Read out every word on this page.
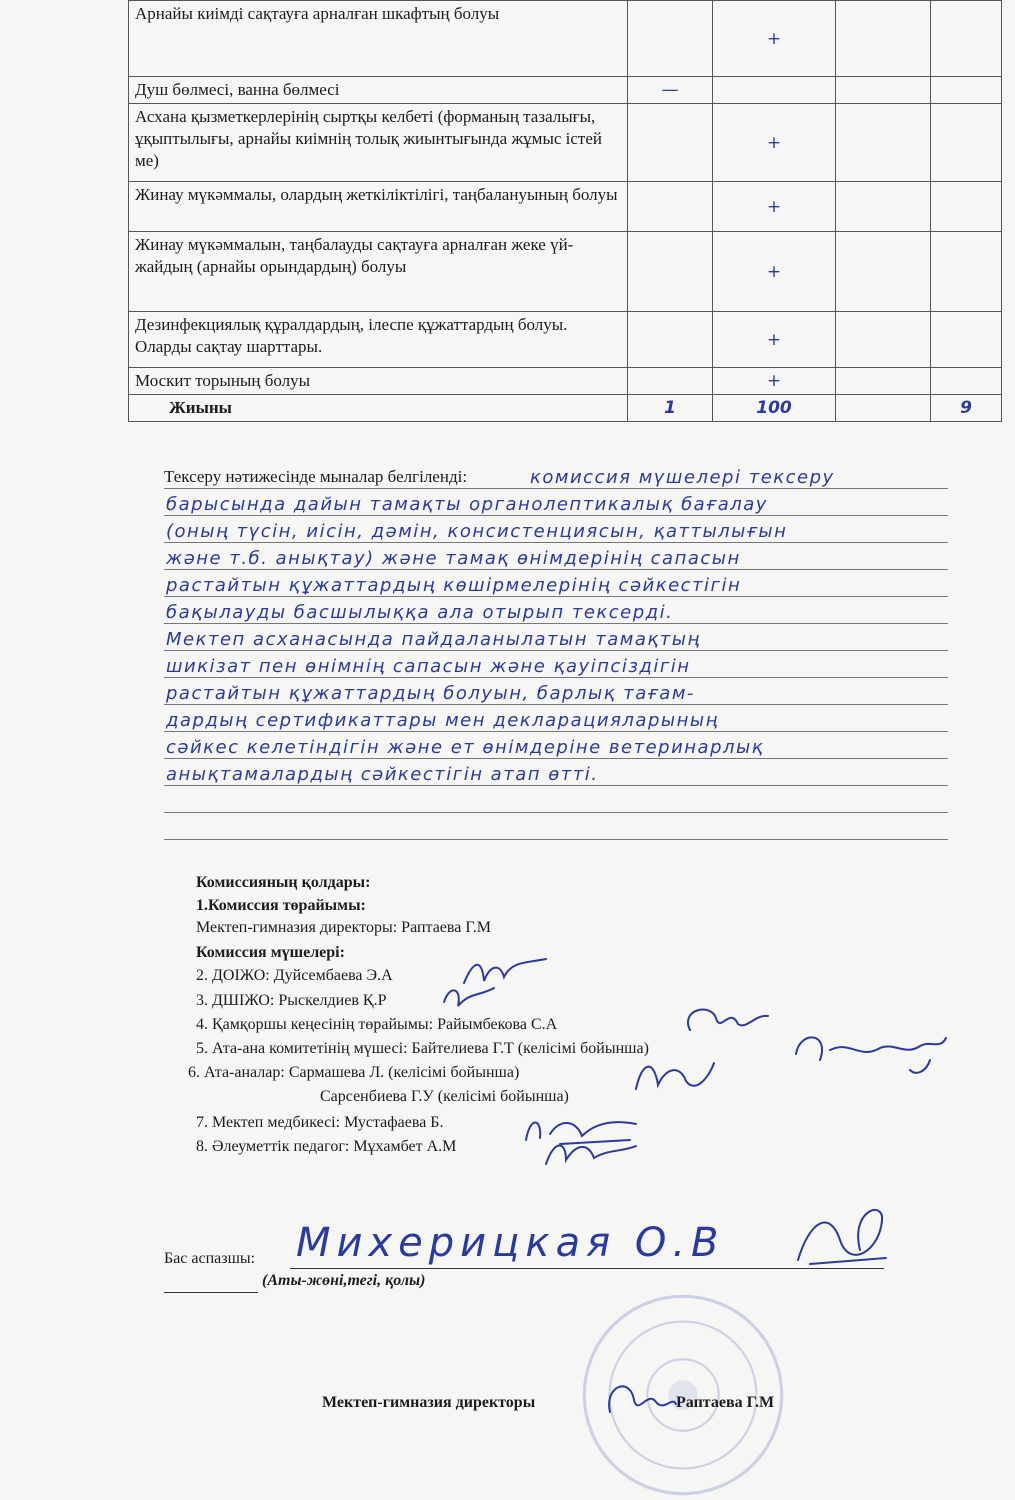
Арнайы киімді сақтауға арналған шкафтың болуы		+		
Душ бөлмесі, ванна бөлмесі	—			
Асхана қызметкерлерінің сыртқы келбеті (форманың тазалығы, ұқыптылығы, арнайы киімнің толық жиынтығында жұмыс істей ме)		+		
Жинау мүкәммалы, олардың жеткіліктілігі, таңбалануының болуы		+		
Жинау мүкәммалын, таңбалауды сақтауға арналған жеке үй-жайдың (арнайы орындардың) болуы		+		
Дезинфекциялық құралдардың, ілеспе құжаттардың болуы. Оларды сақтау шарттары.		+		
Москит торының болуы		+		
Жиыны	1	100		9
Тексеру нәтижесінде мыналар белгіленді:	комиссия мүшелері тексеру
барысында дайын тамақты органолептикалық бағалау
(оның түсін, иісін, дәмін, консистенциясын, қаттылығын
және т.б. анықтау) және тамақ өнімдерінің сапасын
растайтын құжаттардың көшірмелерінің сәйкестігін
бақылауды басшылыққа ала отырып тексерді.
Мектеп асханасында пайдаланылатын тамақтың
шикізат пен өнімнің сапасын және қауіпсіздігін
растайтын құжаттардың болуын, барлық тағам-
дардың сертификаттары мен декларацияларының
сәйкес келетіндігін және ет өнімдеріне ветеринарлық
анықтамалардың сәйкестігін атап өтті.
Комиссияның қолдары:
1.Комиссия төрайымы:
Мектеп-гимназия директоры: Раптаева Г.М
Комиссия мүшелері:
2. ДОІЖО: Дуйсембаева Э.А
3. ДШІЖО: Рыскелдиев Қ.Р
4. Қамқоршы кеңесінің төрайымы: Райымбекова С.А
5. Ата-ана комитетінің мүшесі: Байтелиева Г.Т (келісімі бойынша)
6. Ата-аналар: Сармашева Л. (келісімі бойынша)
Сарсенбиева Г.У (келісімі бойынша)
7. Мектеп медбикесі: Мустафаева Б.
8. Әлеуметтік педагог: Мұхамбет А.М
Бас аспазшы: Михерицкая О.В
(Аты-жөні,тегі, қолы)
Мектеп-гимназия директоры	Раптаева Г.М
